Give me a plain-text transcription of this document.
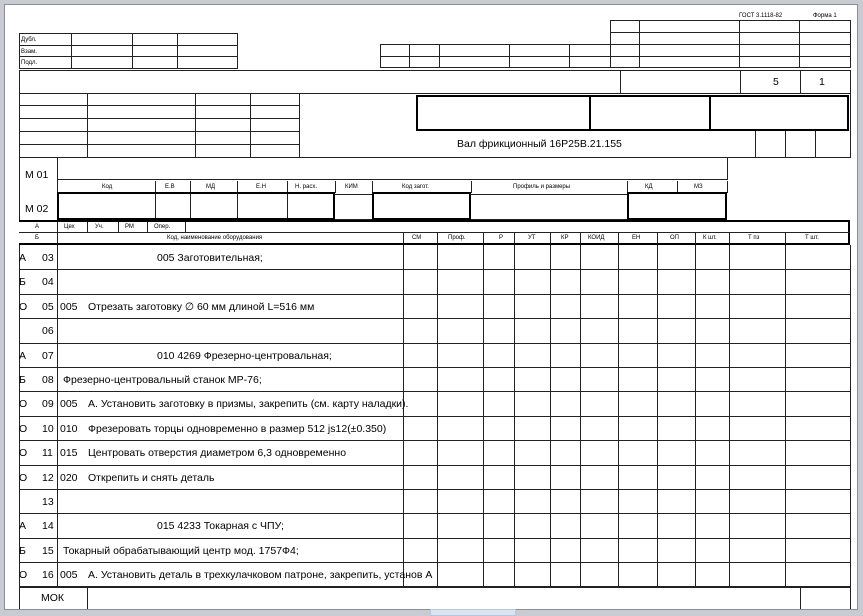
ГОСТ 3.1118-82	Форма 1
Дубл.
Взам.
Подл.
5	1
Вал фрикционный 16Р25В.21.155
М 01
М 02
Код	Е.В	МД	Е.Н	Н. расх.	КИМ	Код загот.	Профиль и размеры	КД	МЗ
А	Цех	Уч.	РМ	Опер.
Б	Код, наименование оборудования	СМ	Проф.	Р	УТ	КР	КОИД	ЕН	ОП	К шт.	Т пз	Т шт.
А 03	005 Заготовительная;
Б 04
О 05 005 Отрезать заготовку ∅ 60 мм длиной L=516 мм
06
А 07	010 4269 Фрезерно-центровальная;
Б 08 Фрезерно-центровальный станок МР-76;
О 09 005 А. Установить заготовку в призмы, закрепить (см. карту наладки).
О 10 010 Фрезеровать торцы одновременно в размер 512 js12(±0.350)
О 11 015 Центровать отверстия диаметром 6,3 одновременно
О 12 020 Открепить и снять деталь
13
А 14	015 4233 Токарная с ЧПУ;
Б 15 Токарный обрабатывающий центр мод. 1757Ф4;
О 16 005 А. Установить деталь в трехкулачковом патроне, закрепить, установ А
МОК
